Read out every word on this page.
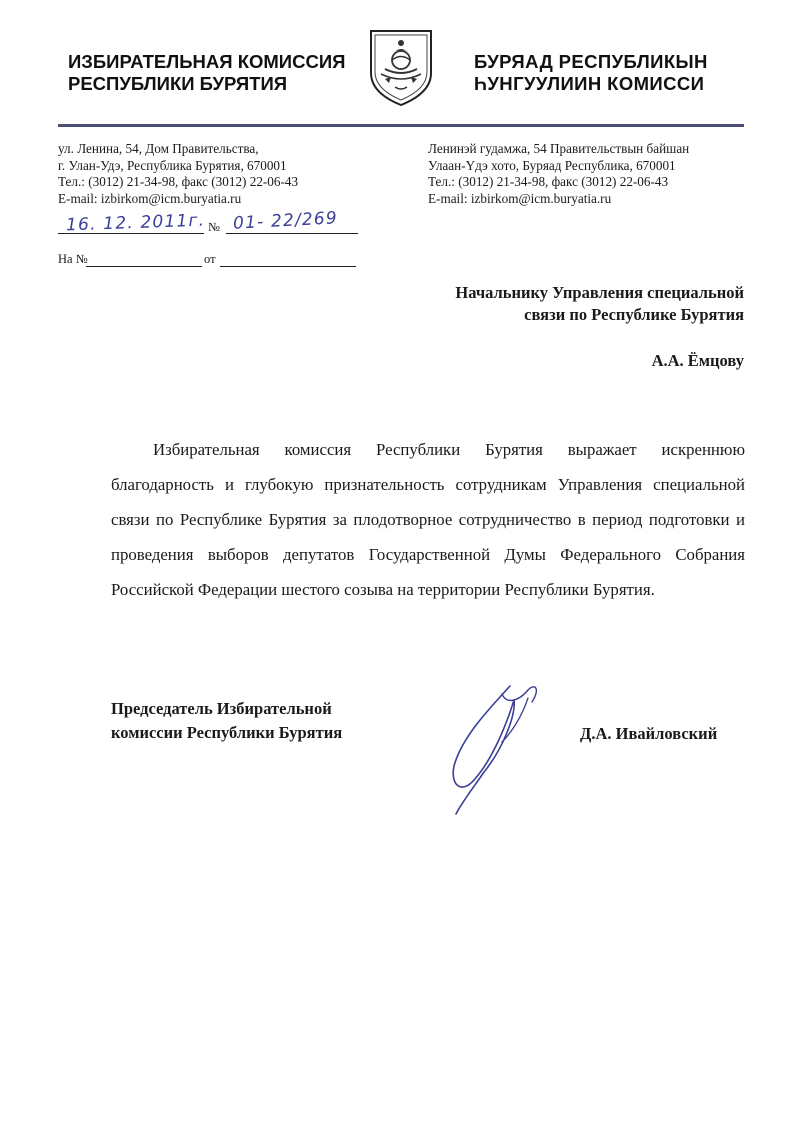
ИЗБИРАТЕЛЬНАЯ КОМИССИЯ
РЕСПУБЛИКИ БУРЯТИЯ
БУРЯАД РЕСПУБЛИКЫН
ҺУНГУУЛИИН КОМИССИ
ул. Ленина, 54, Дом Правительства,
г. Улан-Удэ, Республика Бурятия, 670001
Тел.: (3012) 21-34-98, факс (3012) 22-06-43
E-mail: izbirkom@icm.buryatia.ru
Ленинэй гудамжа, 54 Правительствын байшан
Улаан-Үдэ хото, Буряад Республика, 670001
Тел.: (3012) 21-34-98, факс (3012) 22-06-43
E-mail: izbirkom@icm.buryatia.ru
16. 12. 2011г. № 01- 22/269
На №	от
Начальнику Управления специальной
связи по Республике Бурятия
А.А. Ёмцову

Избирательная комиссия Республики Бурятия выражает искреннюю благодарность и глубокую признательность сотрудникам Управления специальной связи по Республике Бурятия за плодотворное сотрудничество в период подготовки и проведения выборов депутатов Государственной Думы Федерального Собрания Российской Федерации шестого созыва на территории Республики Бурятия.

Председатель Избирательной
комиссии Республики Бурятия	Д.А. Ивайловский
